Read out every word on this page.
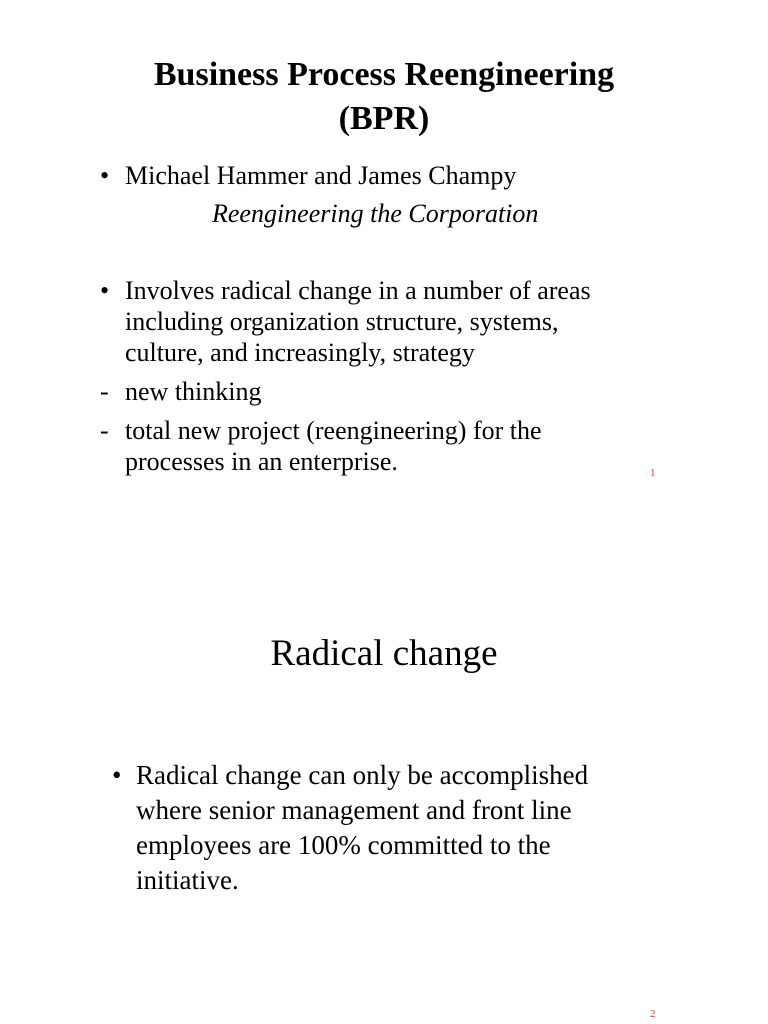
Business Process Reengineering
(BPR)
• Michael Hammer and James Champy
Reengineering the Corporation
• Involves radical change in a number of areas
including organization structure, systems,
culture, and increasingly, strategy
- new thinking
- total new project (reengineering) for the
processes in an enterprise.	1
Radical change
• Radical change can only be accomplished
where senior management and front line
employees are 100% committed to the
initiative.
2
